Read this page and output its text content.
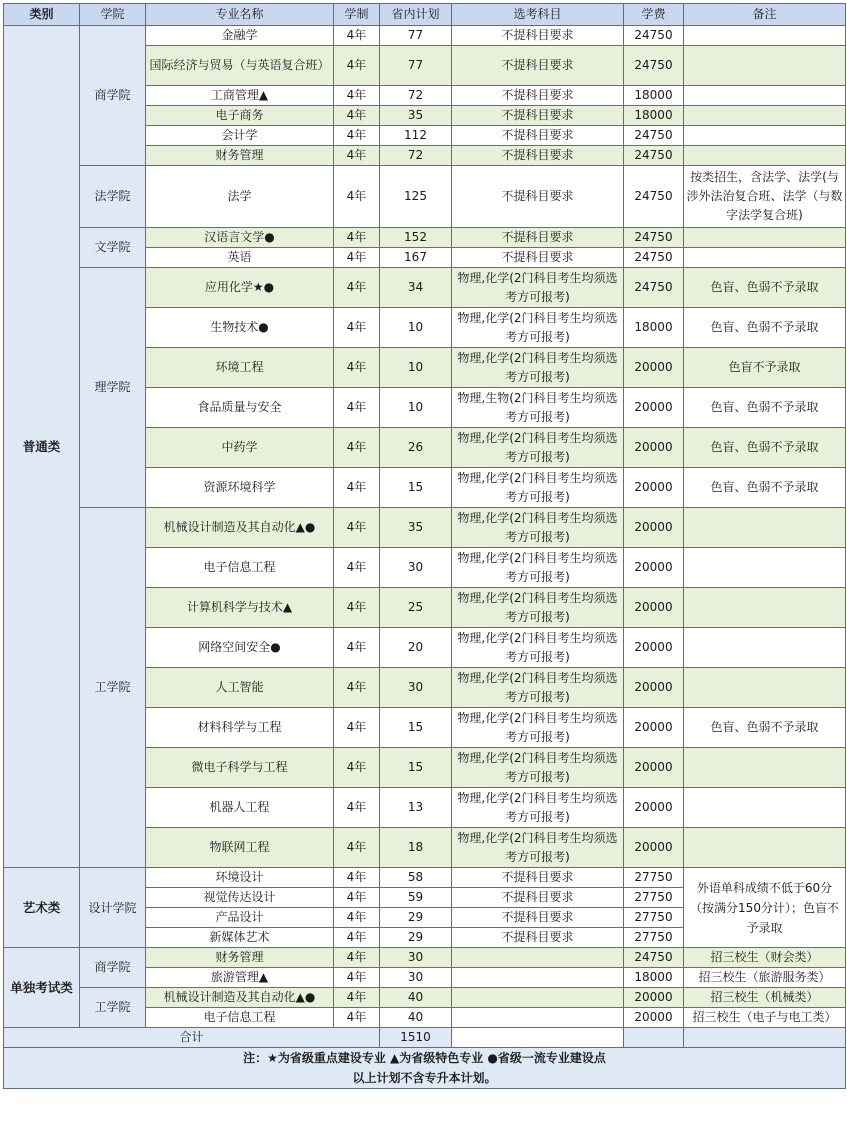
类别	学院	专业名称	学制	省内计划	选考科目	学费	备注
普通类	商学院	金融学	4年	77	不提科目要求	24750	
		国际经济与贸易（与英语复合班）	4年	77	不提科目要求	24750	
		工商管理▲	4年	72	不提科目要求	18000	
		电子商务	4年	35	不提科目要求	18000	
		会计学	4年	112	不提科目要求	24750	
		财务管理	4年	72	不提科目要求	24750	
	法学院	法学	4年	125	不提科目要求	24750	按类招生，含法学、法学(与涉外法治复合班、法学（与数字法学复合班)
	文学院	汉语言文学●	4年	152	不提科目要求	24750	
		英语	4年	167	不提科目要求	24750	
	理学院	应用化学★●	4年	34	物理,化学(2门科目考生均须选考方可报考)	24750	色盲、色弱不予录取
		生物技术●	4年	10	物理,化学(2门科目考生均须选考方可报考)	18000	色盲、色弱不予录取
		环境工程	4年	10	物理,化学(2门科目考生均须选考方可报考)	20000	色盲不予录取
		食品质量与安全	4年	10	物理,生物(2门科目考生均须选考方可报考)	20000	色盲、色弱不予录取
		中药学	4年	26	物理,化学(2门科目考生均须选考方可报考)	20000	色盲、色弱不予录取
		资源环境科学	4年	15	物理,化学(2门科目考生均须选考方可报考)	20000	色盲、色弱不予录取
	工学院	机械设计制造及其自动化▲●	4年	35	物理,化学(2门科目考生均须选考方可报考)	20000	
		电子信息工程	4年	30	物理,化学(2门科目考生均须选考方可报考)	20000	
		计算机科学与技术▲	4年	25	物理,化学(2门科目考生均须选考方可报考)	20000	
		网络空间安全●	4年	20	物理,化学(2门科目考生均须选考方可报考)	20000	
		人工智能	4年	30	物理,化学(2门科目考生均须选考方可报考)	20000	
		材料科学与工程	4年	15	物理,化学(2门科目考生均须选考方可报考)	20000	色盲、色弱不予录取
		微电子科学与工程	4年	15	物理,化学(2门科目考生均须选考方可报考)	20000	
		机器人工程	4年	13	物理,化学(2门科目考生均须选考方可报考)	20000	
		物联网工程	4年	18	物理,化学(2门科目考生均须选考方可报考)	20000	
艺术类	设计学院	环境设计	4年	58	不提科目要求	27750	外语单科成绩不低于60分（按满分150分计）；色盲不予录取
		视觉传达设计	4年	59	不提科目要求	27750	
		产品设计	4年	29	不提科目要求	27750	
		新媒体艺术	4年	29	不提科目要求	27750	
单独考试类	商学院	财务管理	4年	30		24750	招三校生（财会类）
		旅游管理▲	4年	30		18000	招三校生（旅游服务类）
	工学院	机械设计制造及其自动化▲●	4年	40		20000	招三校生（机械类）
		电子信息工程	4年	40		20000	招三校生（电子与电工类）
合计				1510			

注：★为省级重点建设专业 ▲为省级特色专业 ●省级一流专业建设点
以上计划不含专升本计划。							
